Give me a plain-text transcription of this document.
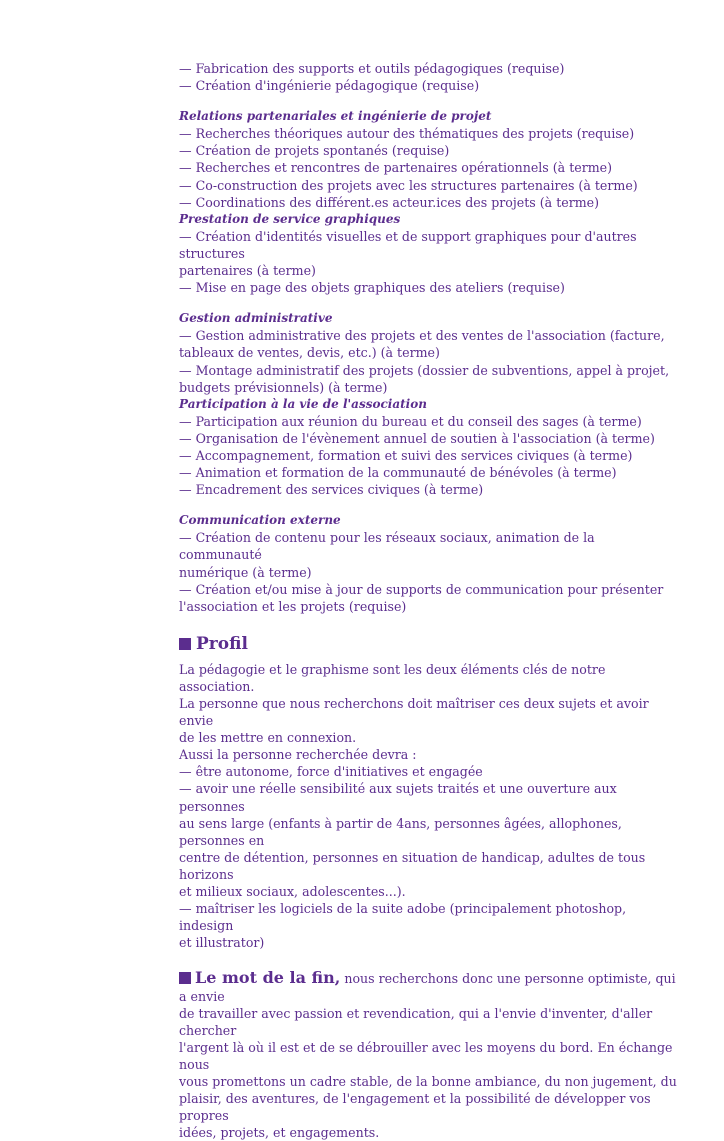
— Fabrication des supports et outils pédagogiques (requise)

— Création d'ingénierie pédagogique (requise)

Relations partenariales et ingénierie de projet

— Recherches théoriques autour des thématiques des projets (requise)

— Création de projets spontanés (requise)

— Recherches et rencontres de partenaires opérationnels (à terme)

— Co-construction des projets avec les structures partenaires (à terme)

— Coordinations des différent.es acteur.ices des projets (à terme)

Prestation de service graphiques

— Création d'identités visuelles et de support graphiques pour d'autres structures

partenaires (à terme)

— Mise en page des objets graphiques des ateliers (requise)

Gestion administrative

— Gestion administrative des projets et des ventes de l'association (facture,

tableaux de ventes, devis, etc.) (à terme)

— Montage administratif des projets (dossier de subventions, appel à projet,

budgets prévisionnels) (à terme)

Participation à la vie de l'association

— Participation aux réunion du bureau et du conseil des sages (à terme)

— Organisation de l'évènement annuel de soutien à l'association (à terme)

— Accompagnement, formation et suivi des services civiques (à terme)

— Animation et formation de la communauté de bénévoles (à terme)

— Encadrement des services civiques (à terme)

Communication externe

— Création de contenu pour les réseaux sociaux, animation de la communauté

numérique (à terme)

— Création et/ou mise à jour de supports de communication pour présenter

l'association et les projets (requise)

Profil

La pédagogie et le graphisme sont les deux éléments clés de notre association.

La personne que nous recherchons doit maîtriser ces deux sujets et avoir envie

de les mettre en connexion.

Aussi la personne recherchée devra :

— être autonome, force d'initiatives et engagée

— avoir une réelle sensibilité aux sujets traités et une ouverture aux personnes

au sens large (enfants à partir de 4ans, personnes âgées, allophones, personnes en

centre de détention, personnes en situation de handicap, adultes de tous horizons

et milieux sociaux, adolescentes...).

— maîtriser les logiciels de la suite adobe (principalement photoshop, indesign

et illustrator)

Le mot de la fin, nous recherchons donc une personne optimiste, qui a envie

de travailler avec passion et revendication, qui a l'envie d'inventer, d'aller chercher

l'argent là où il est et de se débrouiller avec les moyens du bord. En échange nous

vous promettons un cadre stable, de la bonne ambiance, du non jugement, du

plaisir, des aventures, de l'engagement et la possibilité de développer vos propres

idées, projets, et engagements.
